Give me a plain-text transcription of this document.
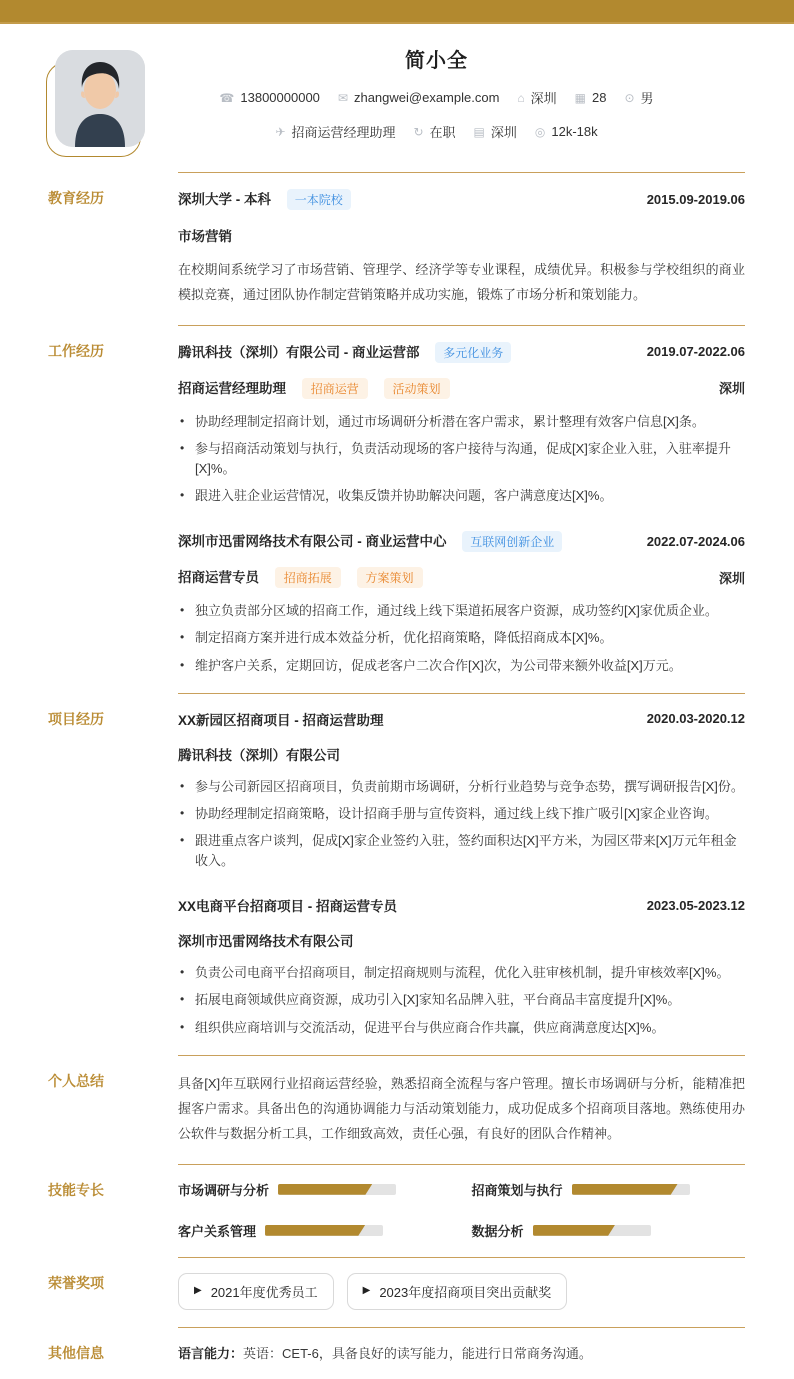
简小全
☎ 13800000000 ✉ zhangwei@example.com ⌂ 深圳 ▦ 28 ⊙ 男
✈ 招商运营经理助理 ↻ 在职 ▤ 深圳 ◎ 12k-18k
教育经历	深圳大学 - 本科 一本院校	2015.09-2019.06
市场营销
在校期间系统学习了市场营销、管理学、经济学等专业课程，成绩优异。积极参与学校组织的商业模拟竞赛，通过团队协作制定营销策略并成功实施，锻炼了市场分析和策划能力。
工作经历	腾讯科技（深圳）有限公司 - 商业运营部 多元化业务	2019.07-2022.06
招商运营经理助理 招商运营	活动策划	深圳
• 协助经理制定招商计划，通过市场调研分析潜在客户需求，累计整理有效客户信息[X]条。
• 参与招商活动策划与执行，负责活动现场的客户接待与沟通，促成[X]家企业入驻，入驻率提升[X]%。
• 跟进入驻企业运营情况，收集反馈并协助解决问题，客户满意度达[X]%。
深圳市迅雷网络技术有限公司 - 商业运营中心 互联网创新企业	2022.07-2024.06
招商运营专员 招商拓展	方案策划	深圳
• 独立负责部分区域的招商工作，通过线上线下渠道拓展客户资源，成功签约[X]家优质企业。
• 制定招商方案并进行成本效益分析，优化招商策略，降低招商成本[X]%。
• 维护客户关系，定期回访，促成老客户二次合作[X]次，为公司带来额外收益[X]万元。
项目经历	XX新园区招商项目 - 招商运营助理	2020.03-2020.12
腾讯科技（深圳）有限公司
• 参与公司新园区招商项目，负责前期市场调研，分析行业趋势与竞争态势，撰写调研报告[X]份。
• 协助经理制定招商策略，设计招商手册与宣传资料，通过线上线下推广吸引[X]家企业咨询。
• 跟进重点客户谈判，促成[X]家企业签约入驻，签约面积达[X]平方米，为园区带来[X]万元年租金收入。
XX电商平台招商项目 - 招商运营专员	2023.05-2023.12
深圳市迅雷网络技术有限公司
• 负责公司电商平台招商项目，制定招商规则与流程，优化入驻审核机制，提升审核效率[X]%。
• 拓展电商领域供应商资源，成功引入[X]家知名品牌入驻，平台商品丰富度提升[X]%。
• 组织供应商培训与交流活动，促进平台与供应商合作共赢，供应商满意度达[X]%。
个人总结	具备[X]年互联网行业招商运营经验，熟悉招商全流程与客户管理。擅长市场调研与分析，能精准把握客户需求。具备出色的沟通协调能力与活动策划能力，成功促成多个招商项目落地。熟练使用办公软件与数据分析工具，工作细致高效，责任心强，有良好的团队合作精神。
技能专长	市场调研与分析	招商策划与执行
客户关系管理	数据分析
荣誉奖项	▶ 2021年度优秀员工	▶ 2023年度招商项目突出贡献奖
其他信息	语言能力：英语：CET-6，具备良好的读写能力，能进行日常商务沟通。
